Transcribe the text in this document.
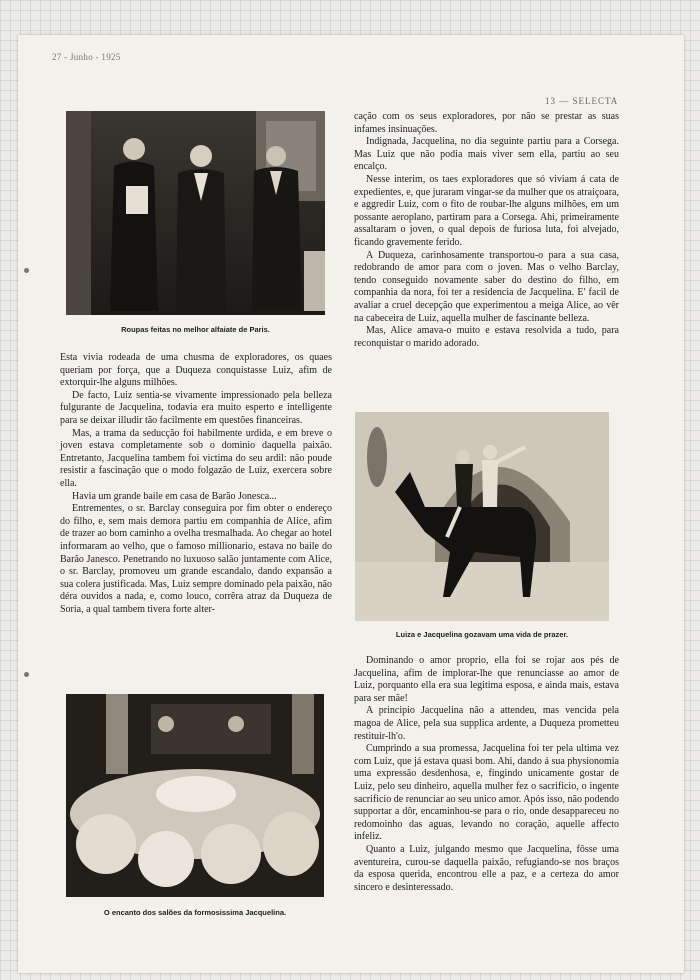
27 - Junho - 1925
13 — SELECTA
Roupas feitas no melhor alfaiate de Paris.

Esta vivia rodeada de uma chusma de exploradores, os quaes queriam por força, que a Duqueza conquistasse Luiz, afim de extorquir-lhe alguns milhões.

De facto, Luiz sentia-se vivamente impressionado pela belleza fulgurante de Jacquelina, todavia era muito esperto e intelligente para se deixar illudir tão facilmente em questões financeiras.

Mas, a trama da seducção foi habilmente urdida, e em breve o joven estava completamente sob o dominio daquella paixão. Entretanto, Jacquelina tambem foi victima do seu ardil: não poude resistir a fascinação que o modo folgazão de Luiz, exercera sobre ella.

Havia um grande baile em casa de Barão Jonesca...

Entrementes, o sr. Barclay conseguira por fim obter o endereço do filho, e, sem mais demora partiu em companhia de Alice, afim de trazer ao bom caminho a ovelha tresmalhada. Ao chegar ao hotel informaram ao velho, que o famoso millionario, estava no baile do Barão Janesco. Penetrando no luxuoso salão juntamente com Alice, o sr. Barclay, promoveu um grande escandalo, dando expansão a sua colera justificada. Mas, Luiz sempre dominado pela paixão, não déra ouvidos a nada, e, como louco, corrêra atraz da Duqueza de Soria, a qual tambem tivera forte alter-

O encanto dos salões da formosissima Jacquelina.

cação com os seus exploradores, por não se prestar as suas infames insinuações.

Indignada, Jacquelina, no dia seguinte partiu para a Corsega. Mas Luiz que não podia mais viver sem ella, partiu ao seu encalço.

Nesse interim, os taes exploradores que só viviam á cata de expedientes, e, que juraram vingar-se da mulher que os atraiçoara, e aggredir Luiz, com o fito de roubar-lhe alguns milhões, em um possante aeroplano, partiram para a Corsega. Ahi, primeiramente assaltaram o joven, o qual depois de furiosa luta, foi alvejado, ficando gravemente ferido.

A Duqueza, carinhosamente transportou-o para a sua casa, redobrando de amor para com o joven. Mas o velho Barclay, tendo conseguido novamente saber do destino do filho, em companhia da nora, foi ter a residencia de Jacquelina. E' facil de avaliar a cruel decepção que experimentou a meiga Alice, ao vêr na cabeceira de Luiz, aquella mulher de fascinante belleza.

Mas, Alice amava-o muito e estava resolvida a tudo, para reconquistar o marido adorado.

Luiza e Jacquelina gozavam uma vida de prazer.

Dominando o amor proprio, ella foi se rojar aos pés de Jacquelina, afim de implorar-lhe que renunciasse ao amor de Luiz, porquanto ella era sua legitima esposa, e ainda mais, estava para ser mãe!

A principio Jacquelina não a attendeu, mas vencida pela magoa de Alice, pela sua supplica ardente, a Duqueza prometteu restituir-lh'o.

Cumprindo a sua promessa, Jacquelina foi ter pela ultima vez com Luiz, que já estava quasi bom. Ahi, dando á sua physionomia uma expressão desdenhosa, e, fingindo unicamente gostar de Luiz, pelo seu dinheiro, aquella mulher fez o sacrificio, o ingente sacrificio de renunciar ao seu unico amor. Após isso, não podendo supportar a dôr, encaminhou-se para o rio, onde desappareceu no redomoinho das aguas, levando no coração, aquelle affecto infeliz.

Quanto a Luiz, julgando mesmo que Jacquelina, fôsse uma aventureira, curou-se daquella paixão, refugiando-se nos braços da esposa querida, encontrou elle a paz, e a certeza do amor sincero e desinteressado.
